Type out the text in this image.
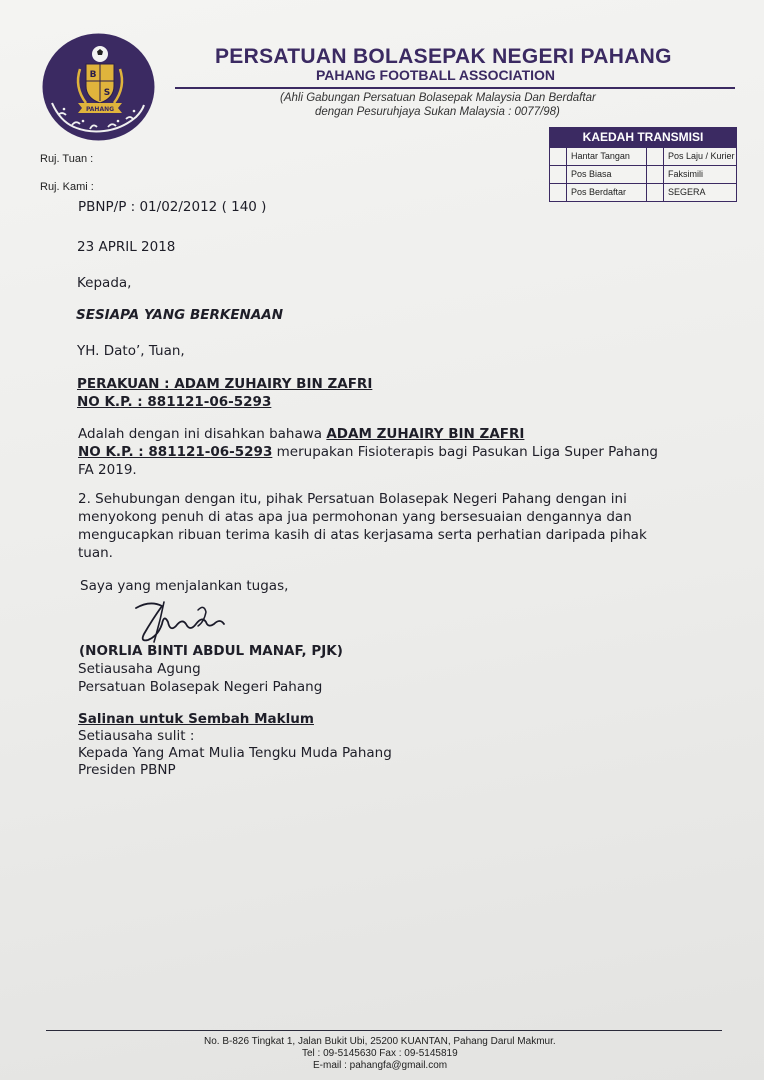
B
S
PAHANG
PERSATUAN BOLASEPAK NEGERI PAHANG
PAHANG FOOTBALL ASSOCIATION
(Ahli Gabungan Persatuan Bolasepak Malaysia Dan Berdaftar
dengan Pesuruhjaya Sukan Malaysia : 0077/98)
KAEDAH TRANSMISI
Hantar Tangan	Pos Laju / Kurier
Pos Biasa	Faksimili
Pos Berdaftar	SEGERA
Ruj. Tuan :
Ruj. Kami :
PBNP/P : 01/02/2012 ( 140 )
23 APRIL 2018
Kepada,
SESIAPA YANG BERKENAAN
YH. Dato’, Tuan,
PERAKUAN : ADAM ZUHAIRY BIN ZAFRI
NO K.P. : 881121-06-5293
Adalah dengan ini disahkan bahawa ADAM ZUHAIRY BIN ZAFRI
NO K.P. : 881121-06-5293 merupakan Fisioterapis bagi Pasukan Liga Super Pahang
FA 2019.
2. Sehubungan dengan itu, pihak Persatuan Bolasepak Negeri Pahang dengan ini
menyokong penuh di atas apa jua permohonan yang bersesuaian dengannya dan
mengucapkan ribuan terima kasih di atas kerjasama serta perhatian daripada pihak
tuan.
Saya yang menjalankan tugas,
(NORLIA BINTI ABDUL MANAF, PJK)
Setiausaha Agung
Persatuan Bolasepak Negeri Pahang
Salinan untuk Sembah Maklum
Setiausaha sulit :
Kepada Yang Amat Mulia Tengku Muda Pahang
Presiden PBNP
No. B-826 Tingkat 1, Jalan Bukit Ubi, 25200 KUANTAN, Pahang Darul Makmur.
Tel : 09-5145630 Fax : 09-5145819
E-mail : pahangfa@gmail.com
